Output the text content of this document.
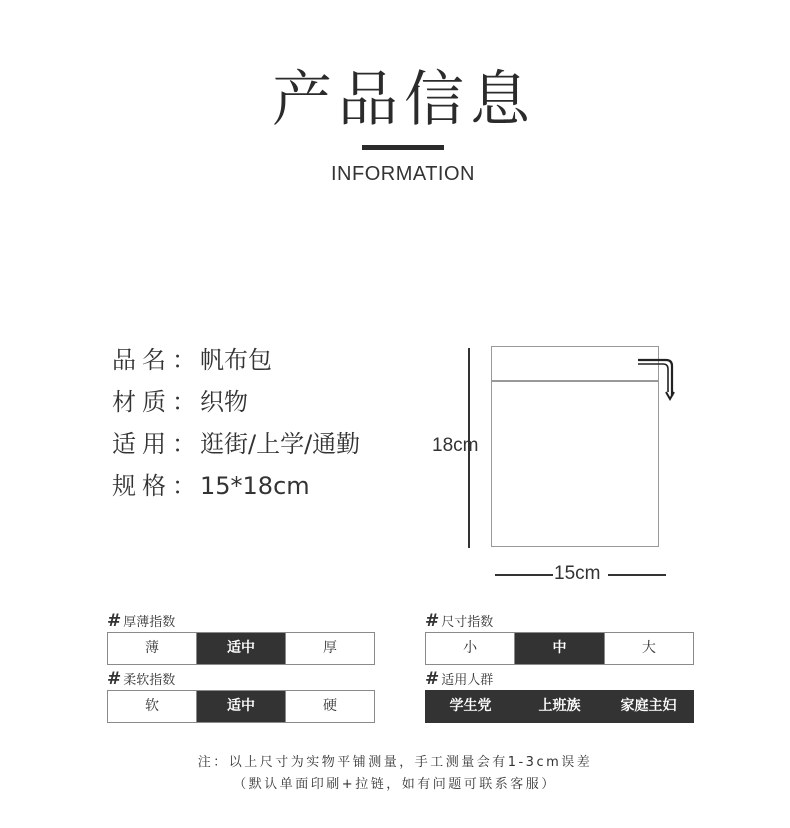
产品信息
INFORMATION
品名： 帆布包
材质： 织物
适用： 逛街/上学/通勤
规格： 15*18cm
18cm
15cm
# 厚薄指数
薄	适中	厚
# 尺寸指数
小	中	大
# 柔软指数
软	适中	硬
# 适用人群
学生党	上班族	家庭主妇
注：以上尺寸为实物平铺测量，手工测量会有1-3cm误差
（默认单面印刷+拉链，如有问题可联系客服）
